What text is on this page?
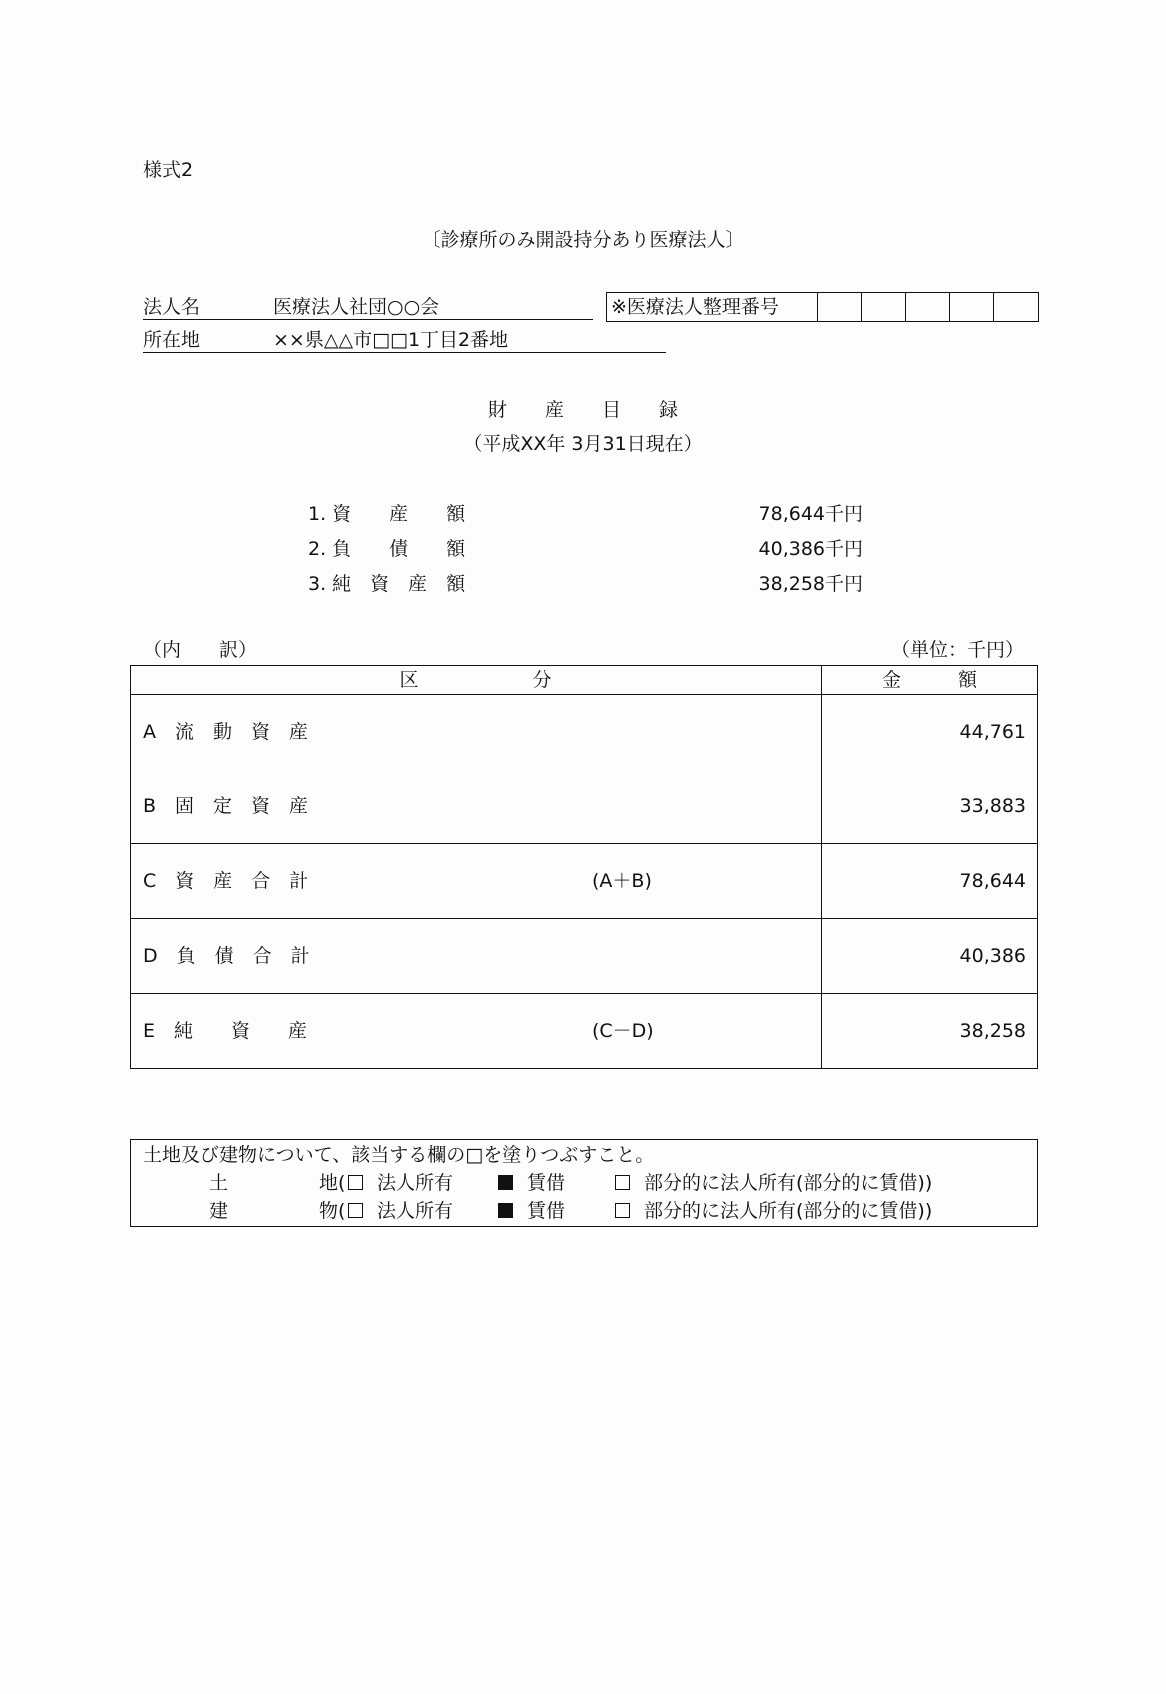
様式2
〔診療所のみ開設持分あり医療法人〕
法人名	医療法人社団○○会	※医療法人整理番号
所在地	××県△△市□□1丁目2番地
財　　産　　目　　録
（平成XX年 3月31日現在）
1. 資　　産　　額	78,644千円
2. 負　　債　　額	40,386千円
3. 純　資　産　額	38,258千円
（内　　訳）	（単位：千円）
区　　　　　　分	金　　　額
A　流　動　資　産	44,761
B　固　定　資　産	33,883
C　資　産　合　計	(A＋B)	78,644
D　負　債　合　計	40,386
E　純　　資　　産	(C－D)	38,258
土地及び建物について、該当する欄の□を塗りつぶすこと。
土	地(	法人所有	賃借	部分的に法人所有(部分的に賃借))
建	物(	法人所有	賃借	部分的に法人所有(部分的に賃借))
